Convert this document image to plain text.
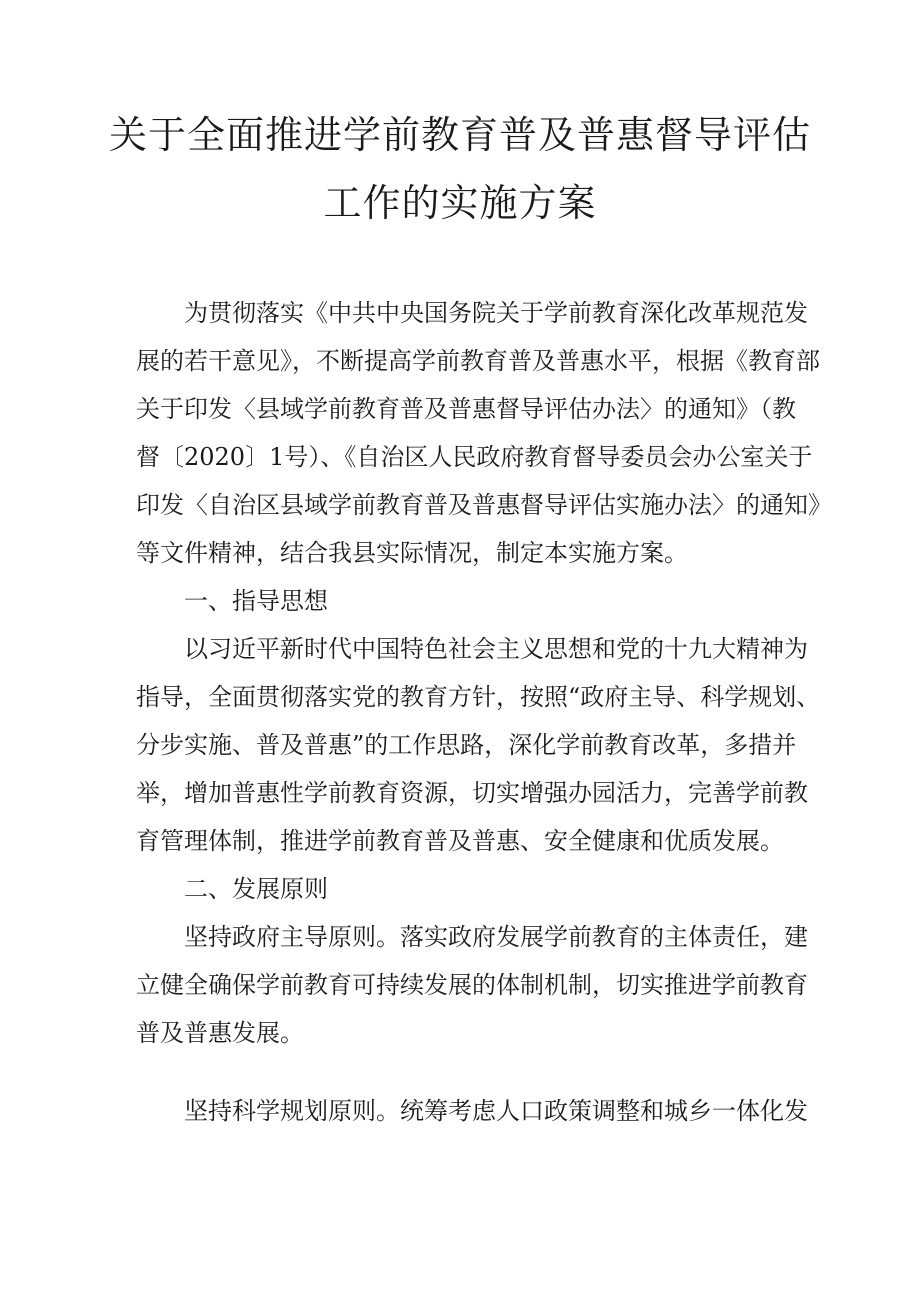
关于全面推进学前教育普及普惠督导评估
工作的实施方案
为贯彻落实《中共中央国务院关于学前教育深化改革规范发
展的若干意见》，不断提高学前教育普及普惠水平，根据《教育部
关于印发〈县域学前教育普及普惠督导评估办法〉的通知》（教
督〔2020〕1号）、《自治区人民政府教育督导委员会办公室关于
印发〈自治区县域学前教育普及普惠督导评估实施办法〉的通知》
等文件精神，结合我县实际情况，制定本实施方案。
一、指导思想
以习近平新时代中国特色社会主义思想和党的十九大精神为
指导，全面贯彻落实党的教育方针，按照“政府主导、科学规划、
分步实施、普及普惠”的工作思路，深化学前教育改革，多措并
举，增加普惠性学前教育资源，切实增强办园活力，完善学前教
育管理体制，推进学前教育普及普惠、安全健康和优质发展。
二、发展原则
坚持政府主导原则。落实政府发展学前教育的主体责任，建
立健全确保学前教育可持续发展的体制机制，切实推进学前教育
普及普惠发展。
坚持科学规划原则。统筹考虑人口政策调整和城乡一体化发
